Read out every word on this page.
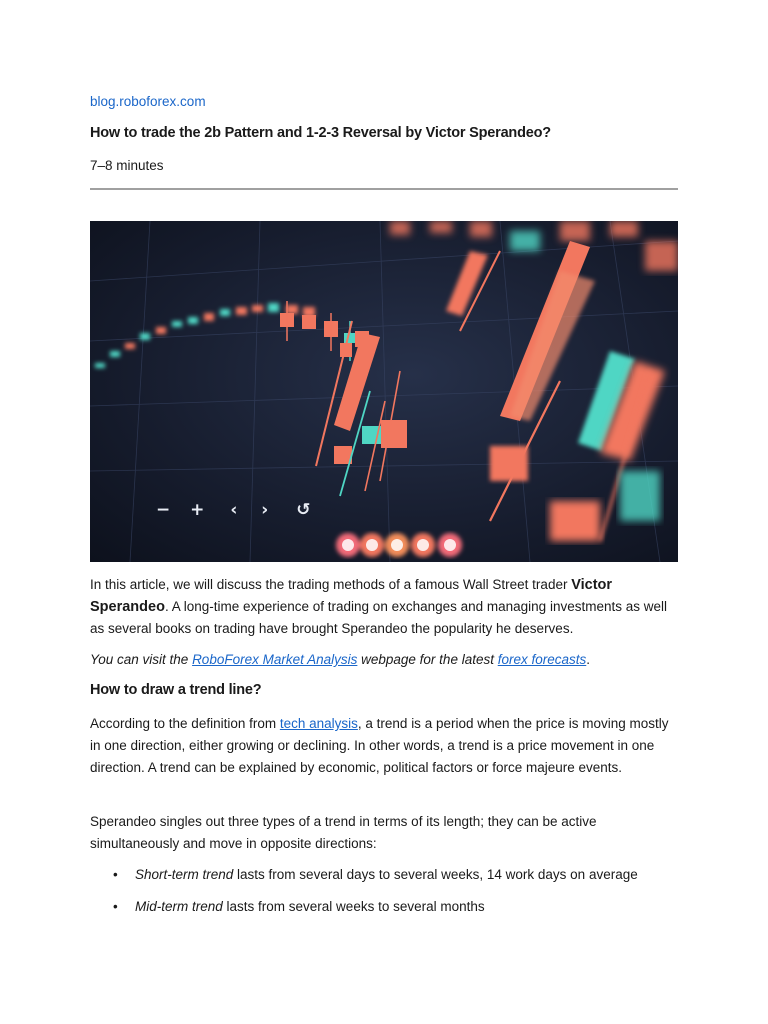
blog.roboforex.com
How to trade the 2b Pattern and 1-2-3 Reversal by Victor Sperandeo?
7–8 minutes
− + ‹ › ↺

In this article, we will discuss the trading methods of a famous Wall Street trader Victor Sperandeo. A long-time experience of trading on exchanges and managing investments as well as several books on trading have brought Sperandeo the popularity he deserves.

You can visit the RoboForex Market Analysis webpage for the latest forex forecasts.

How to draw a trend line?

According to the definition from tech analysis, a trend is a period when the price is moving mostly in one direction, either growing or declining. In other words, a trend is a price movement in one direction. A trend can be explained by economic, political factors or force majeure events.

Sperandeo singles out three types of a trend in terms of its length; they can be active simultaneously and move in opposite directions:

• Short-term trend lasts from several days to several weeks, 14 work days on average
• Mid-term trend lasts from several weeks to several months
